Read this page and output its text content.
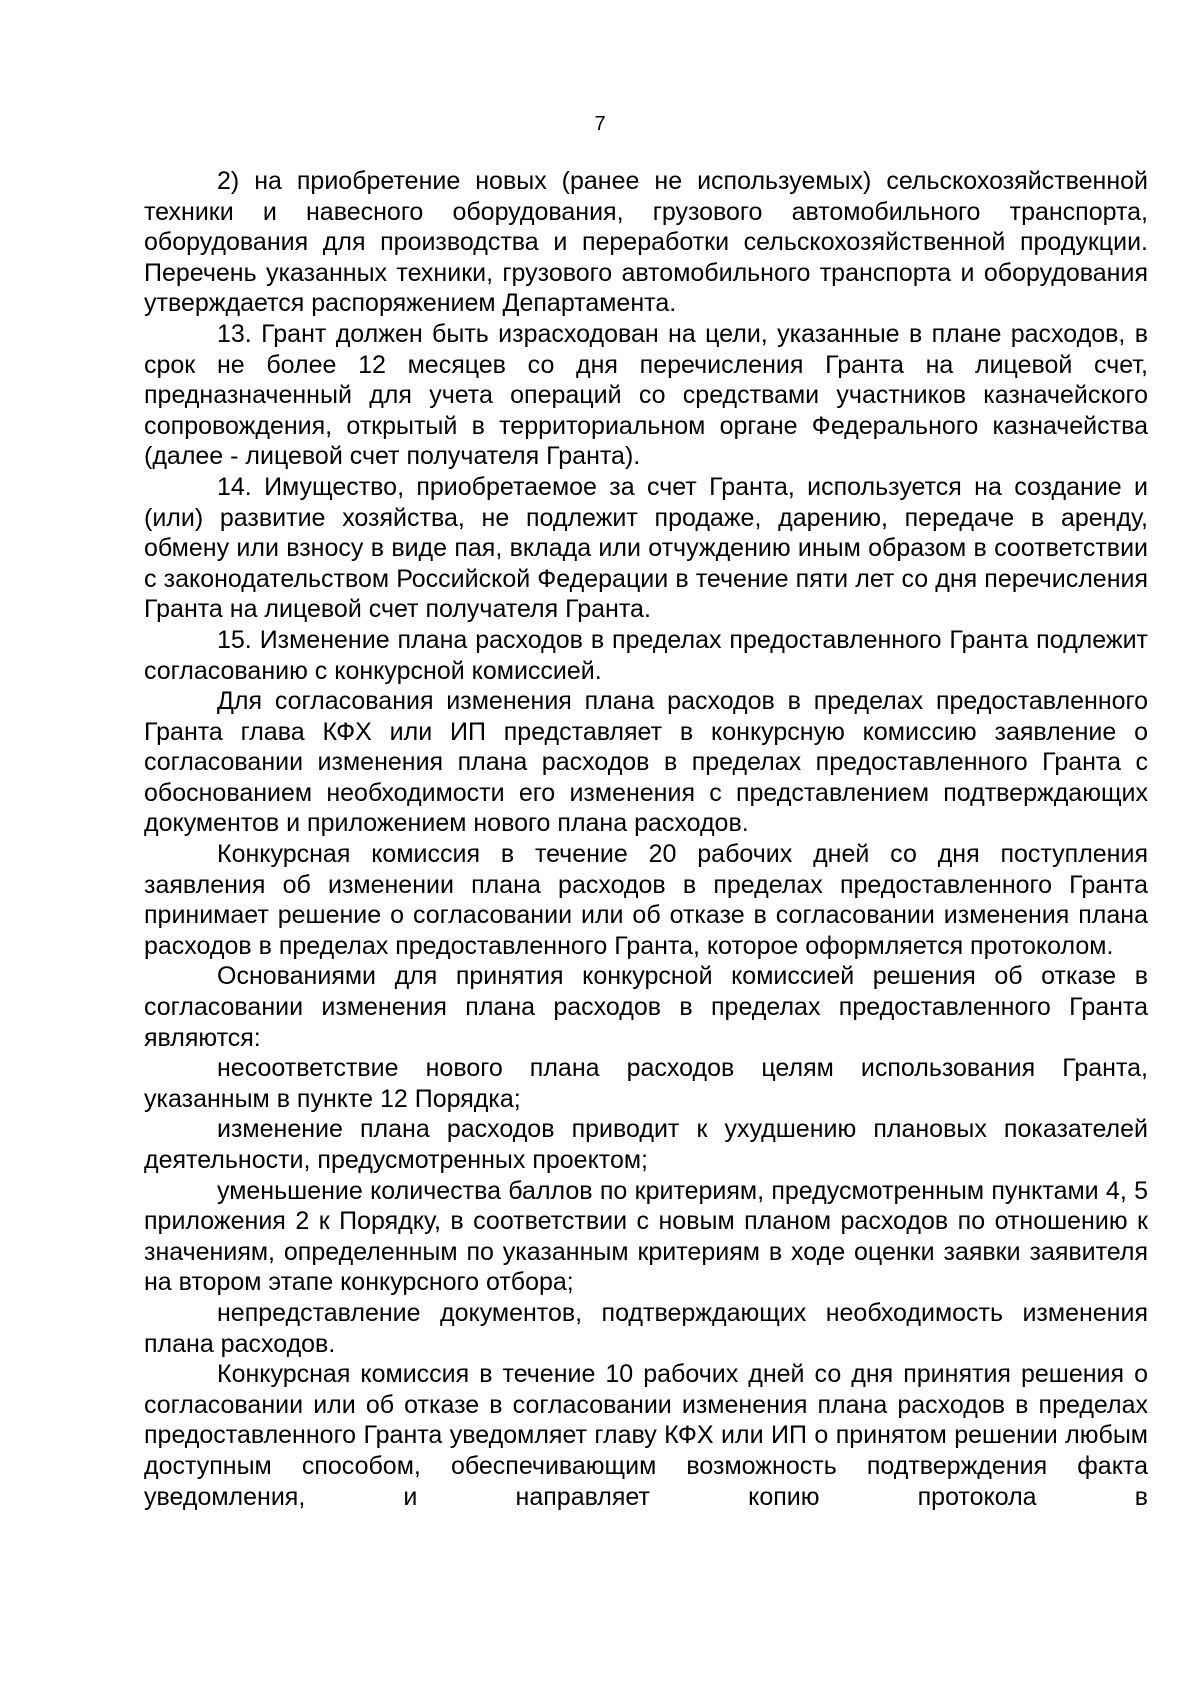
7

2) на приобретение новых (ранее не используемых) сельскохозяйственной техники и навесного оборудования, грузового автомобильного транспорта, оборудования для производства и переработки сельскохозяйственной продукции. Перечень указанных техники, грузового автомобильного транспорта и оборудования утверждается распоряжением Департамента.

13. Грант должен быть израсходован на цели, указанные в плане расходов, в срок не более 12 месяцев со дня перечисления Гранта на лицевой счет, предназначенный для учета операций со средствами участников казначейского сопровождения, открытый в территориальном органе Федерального казначейства (далее - лицевой счет получателя Гранта).

14. Имущество, приобретаемое за счет Гранта, используется на создание и (или) развитие хозяйства, не подлежит продаже, дарению, передаче в аренду, обмену или взносу в виде пая, вклада или отчуждению иным образом в соответствии с законодательством Российской Федерации в течение пяти лет со дня перечисления Гранта на лицевой счет получателя Гранта.

15. Изменение плана расходов в пределах предоставленного Гранта подлежит согласованию с конкурсной комиссией.

Для согласования изменения плана расходов в пределах предоставленного Гранта глава КФХ или ИП представляет в конкурсную комиссию заявление о согласовании изменения плана расходов в пределах предоставленного Гранта с обоснованием необходимости его изменения с представлением подтверждающих документов и приложением нового плана расходов.

Конкурсная комиссия в течение 20 рабочих дней со дня поступления заявления об изменении плана расходов в пределах предоставленного Гранта принимает решение о согласовании или об отказе в согласовании изменения плана расходов в пределах предоставленного Гранта, которое оформляется протоколом.

Основаниями для принятия конкурсной комиссией решения об отказе в согласовании изменения плана расходов в пределах предоставленного Гранта являются:

несоответствие нового плана расходов целям использования Гранта, указанным в пункте 12 Порядка;

изменение плана расходов приводит к ухудшению плановых показателей деятельности, предусмотренных проектом;

уменьшение количества баллов по критериям, предусмотренным пунктами 4, 5 приложения 2 к Порядку, в соответствии с новым планом расходов по отношению к значениям, определенным по указанным критериям в ходе оценки заявки заявителя на втором этапе конкурсного отбора;

непредставление документов, подтверждающих необходимость изменения плана расходов.

Конкурсная комиссия в течение 10 рабочих дней со дня принятия решения о согласовании или об отказе в согласовании изменения плана расходов в пределах предоставленного Гранта уведомляет главу КФХ или ИП о принятом решении любым доступным способом, обеспечивающим возможность подтверждения факта уведомления, и направляет копию протокола в
